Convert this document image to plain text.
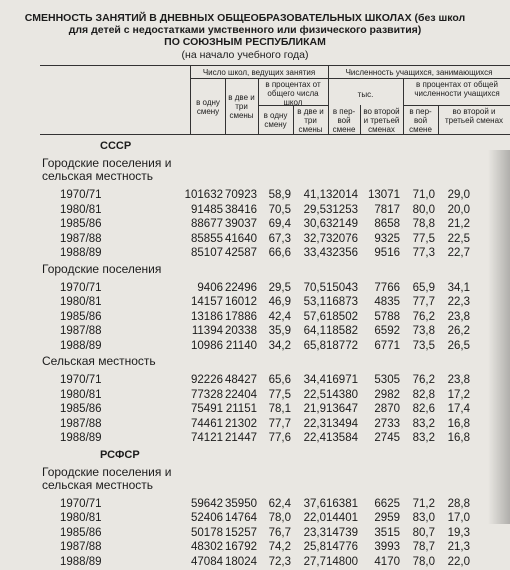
СМЕННОСТЬ ЗАНЯТИЙ В ДНЕВНЫХ ОБЩЕОБРАЗОВАТЕЛЬНЫХ ШКОЛАХ (без школ
для детей с недостатками умственного или физического развития)
ПО СОЮЗНЫМ РЕСПУБЛИКАМ
(на начало учебного года)
Число школ, ведущих занятия	Численность учащихся, занимающихся
в одну смену
в две и три смены
в процентах от общего числа школ
в одну смену
в две и три смены
тыс.
в пер-вой смене
во второй и третьей сменах
в процентах от общей численности учащихся
в пер-вой смене
во второй и третьей сменах
СССР
Городские поселения и
сельская местность
1970/71	101632 70923 58,9 41,1 32014 13071 71,0 29,0
1980/81	91485 38416 70,5 29,5 31253 7817 80,0 20,0
1985/86	88677 39037 69,4 30,6 32149 8658 78,8 21,2
1987/88	85855 41640 67,3 32,7 32076 9325 77,5 22,5
1988/89	85107 42587 66,6 33,4 32356 9516 77,3 22,7
Городские поселения
1970/71	9406 22496 29,5 70,5 15043 7766 65,9 34,1
1980/81	14157 16012 46,9 53,1 16873 4835 77,7 22,3
1985/86	13186 17886 42,4 57,6 18502 5788 76,2 23,8
1987/88	11394 20338 35,9 64,1 18582 6592 73,8 26,2
1988/89	10986 21140 34,2 65,8 18772 6771 73,5 26,5
Сельская местность
1970/71	92226 48427 65,6 34,4 16971 5305 76,2 23,8
1980/81	77328 22404 77,5 22,5 14380 2982 82,8 17,2
1985/86	75491 21151 78,1 21,9 13647 2870 82,6 17,4
1987/88	74461 21302 77,7 22,3 13494 2733 83,2 16,8
1988/89	74121 21447 77,6 22,4 13584 2745 83,2 16,8
РСФСР
Городские поселения и
сельская местность
1970/71	59642 35950 62,4 37,6 16381 6625 71,2 28,8
1980/81	52406 14764 78,0 22,0 14401 2959 83,0 17,0
1985/86	50178 15257 76,7 23,3 14739 3515 80,7 19,3
1987/88	48302 16792 74,2 25,8 14776 3993 78,7 21,3
1988/89	47084 18024 72,3 27,7 14800 4170 78,0 22,0
